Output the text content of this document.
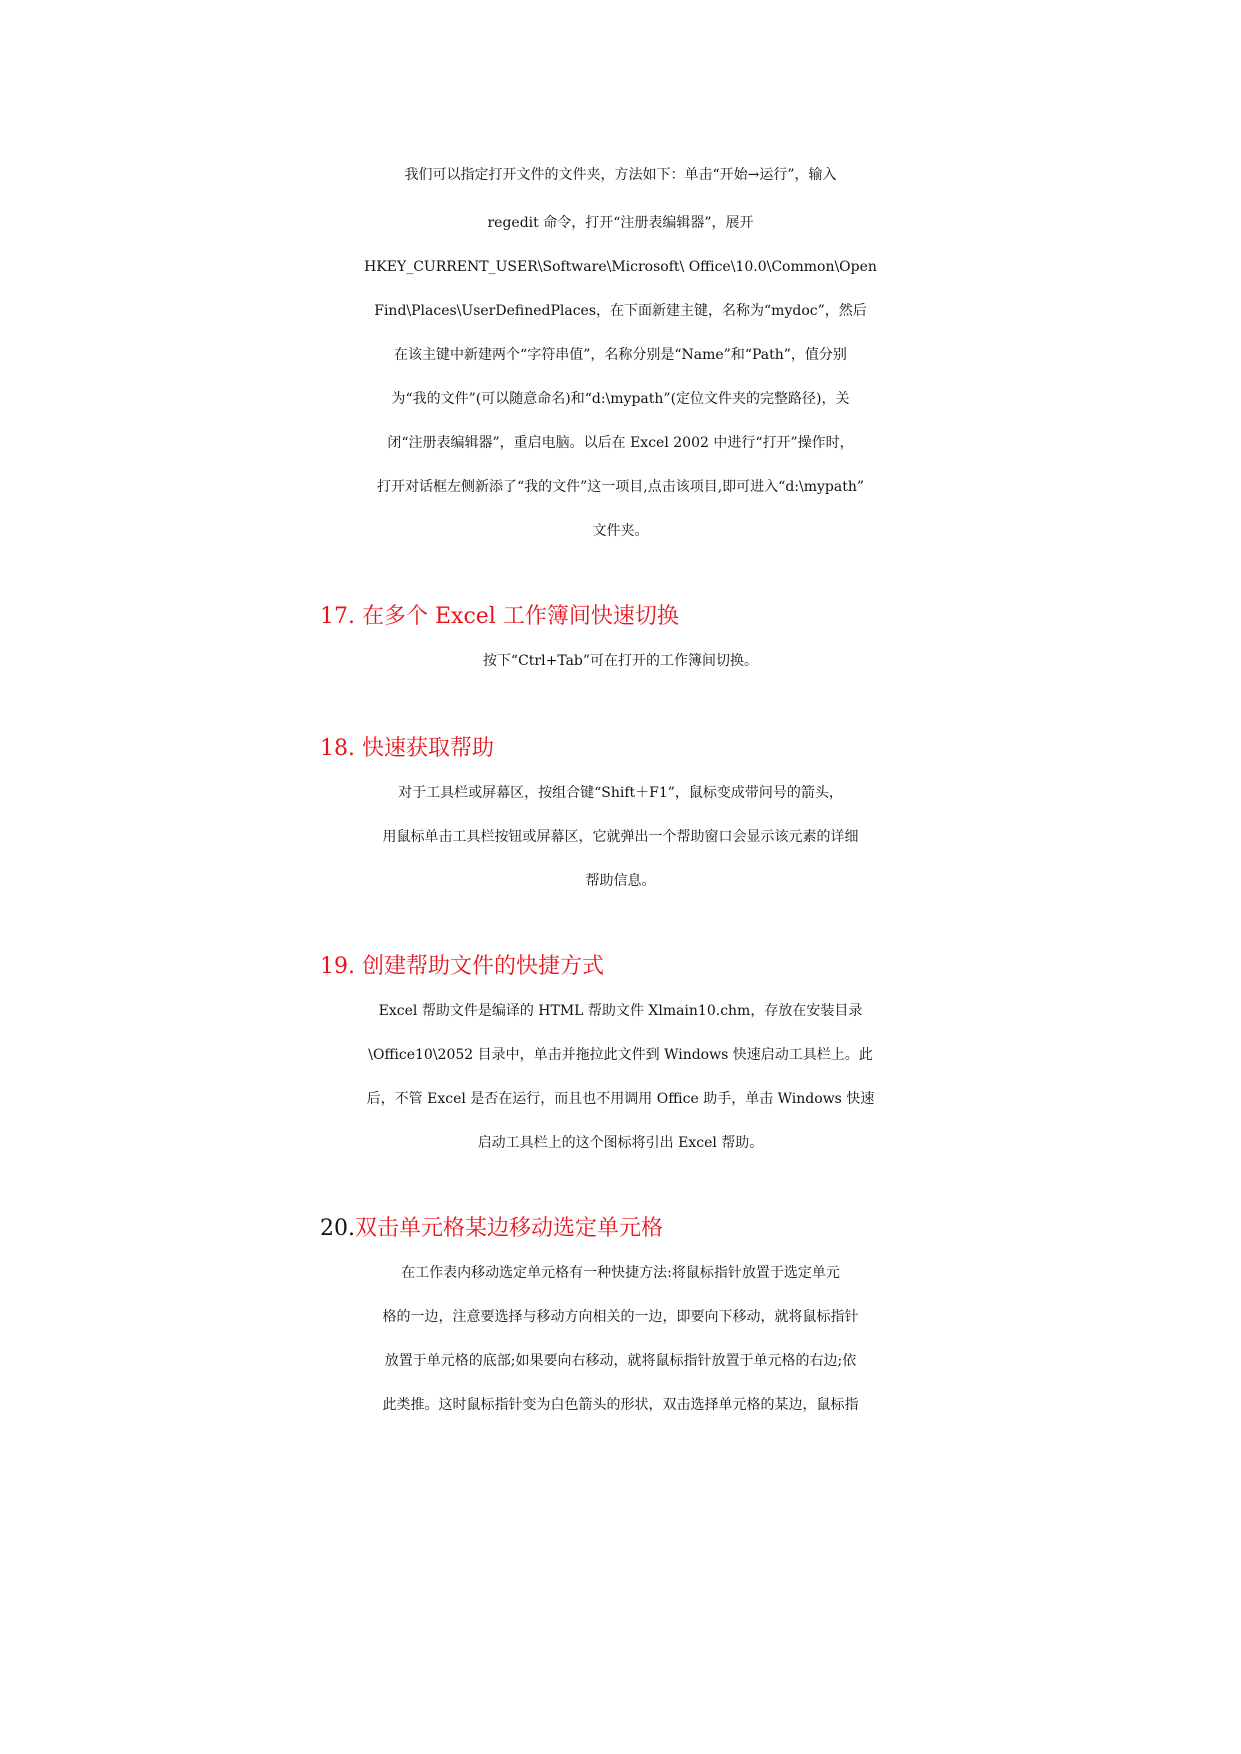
我们可以指定打开文件的文件夹，方法如下：单击“开始→运行”，输入
regedit 命令，打开“注册表编辑器”，展开
HKEY_CURRENT_USER\Software\Microsoft\ Office\10.0\Common\Open
Find\Places\UserDefinedPlaces，在下面新建主键，名称为“mydoc”，然后
在该主键中新建两个“字符串值”，名称分别是“Name”和“Path”，值分别
为“我的文件”(可以随意命名)和“d:\mypath”(定位文件夹的完整路径)，关
闭“注册表编辑器”，重启电脑。以后在 Excel 2002 中进行“打开”操作时，
打开对话框左侧新添了“我的文件”这一项目,点击该项目,即可进入“d:\mypath”
文件夹。
17. 在多个 Excel 工作簿间快速切换
按下“Ctrl+Tab”可在打开的工作簿间切换。
18. 快速获取帮助
对于工具栏或屏幕区，按组合键“Shift＋F1”，鼠标变成带问号的箭头，
用鼠标单击工具栏按钮或屏幕区，它就弹出一个帮助窗口会显示该元素的详细
帮助信息。
19. 创建帮助文件的快捷方式
Excel 帮助文件是编译的 HTML 帮助文件 Xlmain10.chm，存放在安装目录
\Office10\2052 目录中，单击并拖拉此文件到 Windows 快速启动工具栏上。此
后，不管 Excel 是否在运行，而且也不用调用 Office 助手，单击 Windows 快速
启动工具栏上的这个图标将引出 Excel 帮助。
20.双击单元格某边移动选定单元格
在工作表内移动选定单元格有一种快捷方法:将鼠标指针放置于选定单元
格的一边，注意要选择与移动方向相关的一边，即要向下移动，就将鼠标指针
放置于单元格的底部;如果要向右移动，就将鼠标指针放置于单元格的右边;依
此类推。这时鼠标指针变为白色箭头的形状，双击选择单元格的某边，鼠标指
